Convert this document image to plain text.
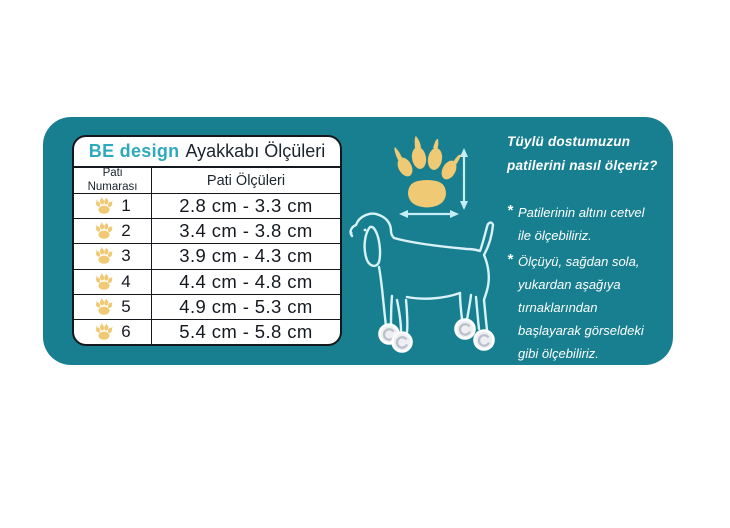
BE design Ayakkabı Ölçüleri
Pati Numarası	Pati Ölçüleri
1	2.8 cm - 3.3 cm
2	3.4 cm - 3.8 cm
3	3.9 cm - 4.3 cm
4	4.4 cm - 4.8 cm
5	4.9 cm - 5.3 cm
6	5.4 cm - 5.8 cm
Tüylü dostumuzun patilerini nasıl ölçeriz?
* Patilerinin altını cetvel ile ölçebiliriz.
* Ölçüyü, sağdan sola, yukardan aşağıya tırnaklarından başlayarak görseldeki gibi ölçebiliriz.
